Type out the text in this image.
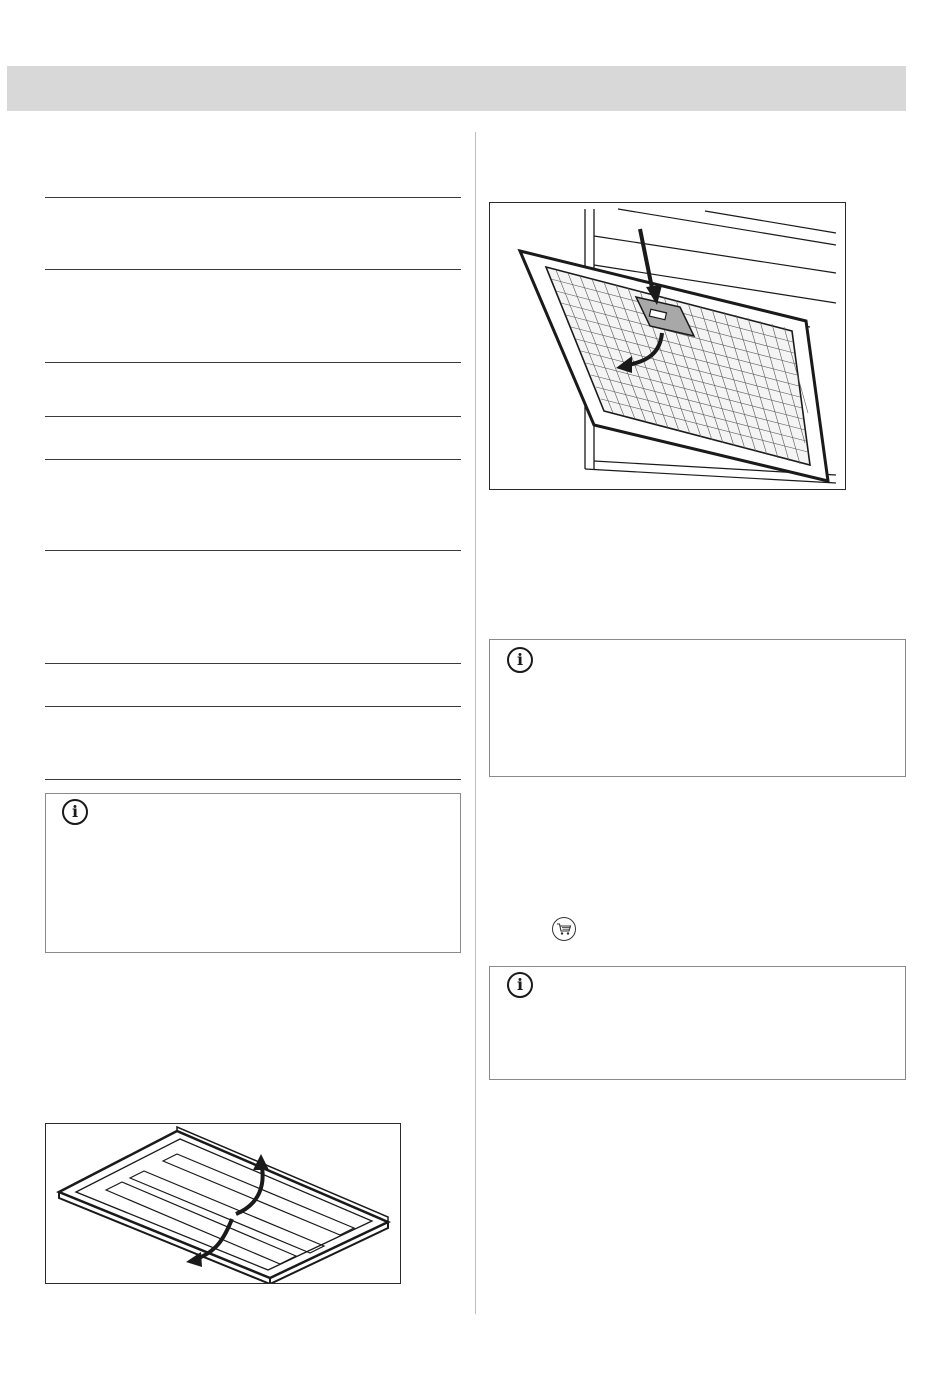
i
i
i
